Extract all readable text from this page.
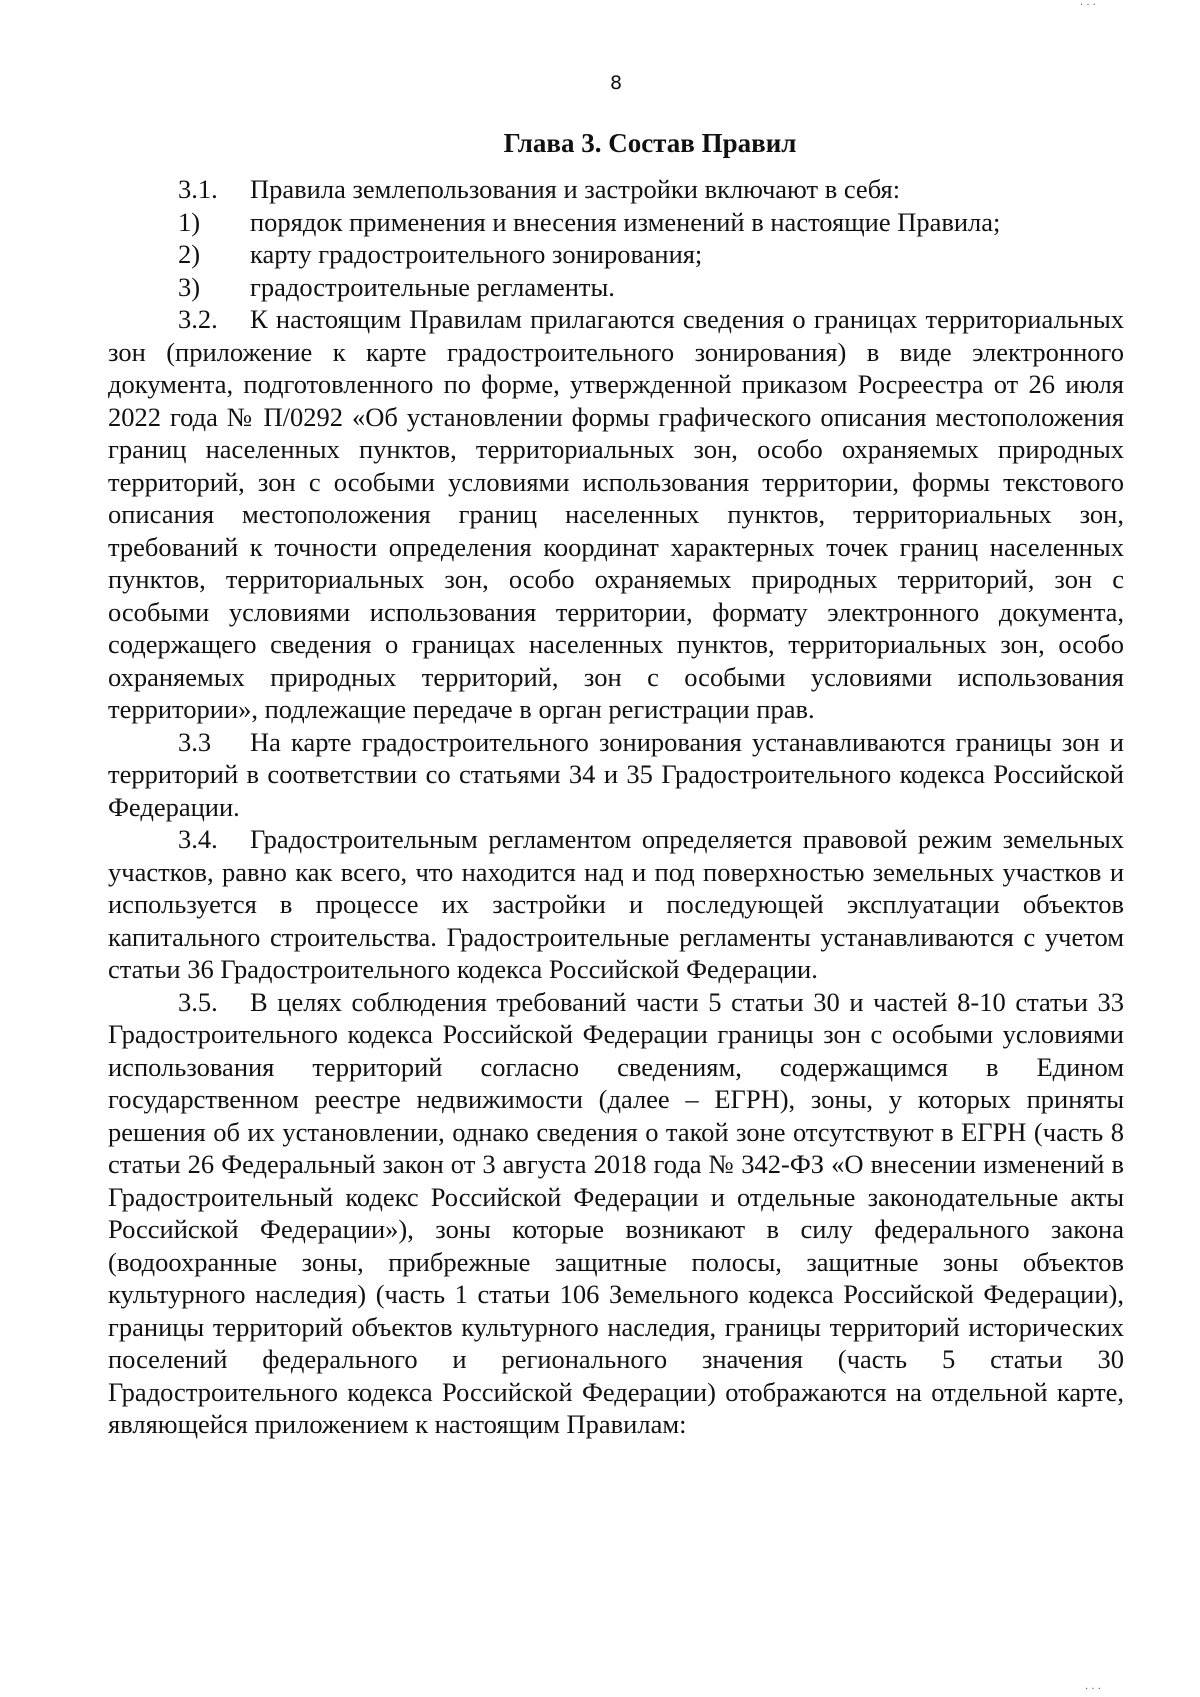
8
Глава 3. Состав Правил
3.1.	Правила землепользования и застройки включают в себя:
1)	порядок применения и внесения изменений в настоящие Правила;
2)	карту градостроительного зонирования;
3)	градостроительные регламенты.

3.2. К настоящим Правилам прилагаются сведения о границах территориальных зон (приложение к карте градостроительного зонирования) в виде электронного документа, подготовленного по форме, утвержденной приказом Росреестра от 26 июля 2022 года № П/0292 «Об установлении формы графического описания местоположения границ населенных пунктов, территориальных зон, особо охраняемых природных территорий, зон с особыми условиями использования территории, формы текстового описания местоположения границ населенных пунктов, территориальных зон, требований к точности определения координат характерных точек границ населенных пунктов, территориальных зон, особо охраняемых природных территорий, зон с особыми условиями использования территории, формату электронного документа, содержащего сведения о границах населенных пунктов, территориальных зон, особо охраняемых природных территорий, зон с особыми условиями использования территории», подлежащие передаче в орган регистрации прав.

3.3 На карте градостроительного зонирования устанавливаются границы зон и территорий в соответствии со статьями 34 и 35 Градостроительного кодекса Российской Федерации.

3.4. Градостроительным регламентом определяется правовой режим земельных участков, равно как всего, что находится над и под поверхностью земельных участков и используется в процессе их застройки и последующей эксплуатации объектов капитального строительства. Градостроительные регламенты устанавливаются с учетом статьи 36 Градостроительного кодекса Российской Федерации.

3.5. В целях соблюдения требований части 5 статьи 30 и частей 8-10 статьи 33 Градостроительного кодекса Российской Федерации границы зон с особыми условиями использования территорий согласно сведениям, содержащимся в Едином государственном реестре недвижимости (далее – ЕГРН), зоны, у которых приняты решения об их установлении, однако сведения о такой зоне отсутствуют в ЕГРН (часть 8 статьи 26 Федеральный закон от 3 августа 2018 года № 342-ФЗ «О внесении изменений в Градостроительный кодекс Российской Федерации и отдельные законодательные акты Российской Федерации»), зоны которые возникают в силу федерального закона (водоохранные зоны, прибрежные защитные полосы, защитные зоны объектов культурного наследия) (часть 1 статьи 106 Земельного кодекса Российской Федерации), границы территорий объектов культурного наследия, границы территорий исторических поселений федерального и регионального значения (часть 5 статьи 30 Градостроительного кодекса Российской Федерации) отображаются на отдельной карте, являющейся приложением к настоящим Правилам:

· · ·
· · ·
